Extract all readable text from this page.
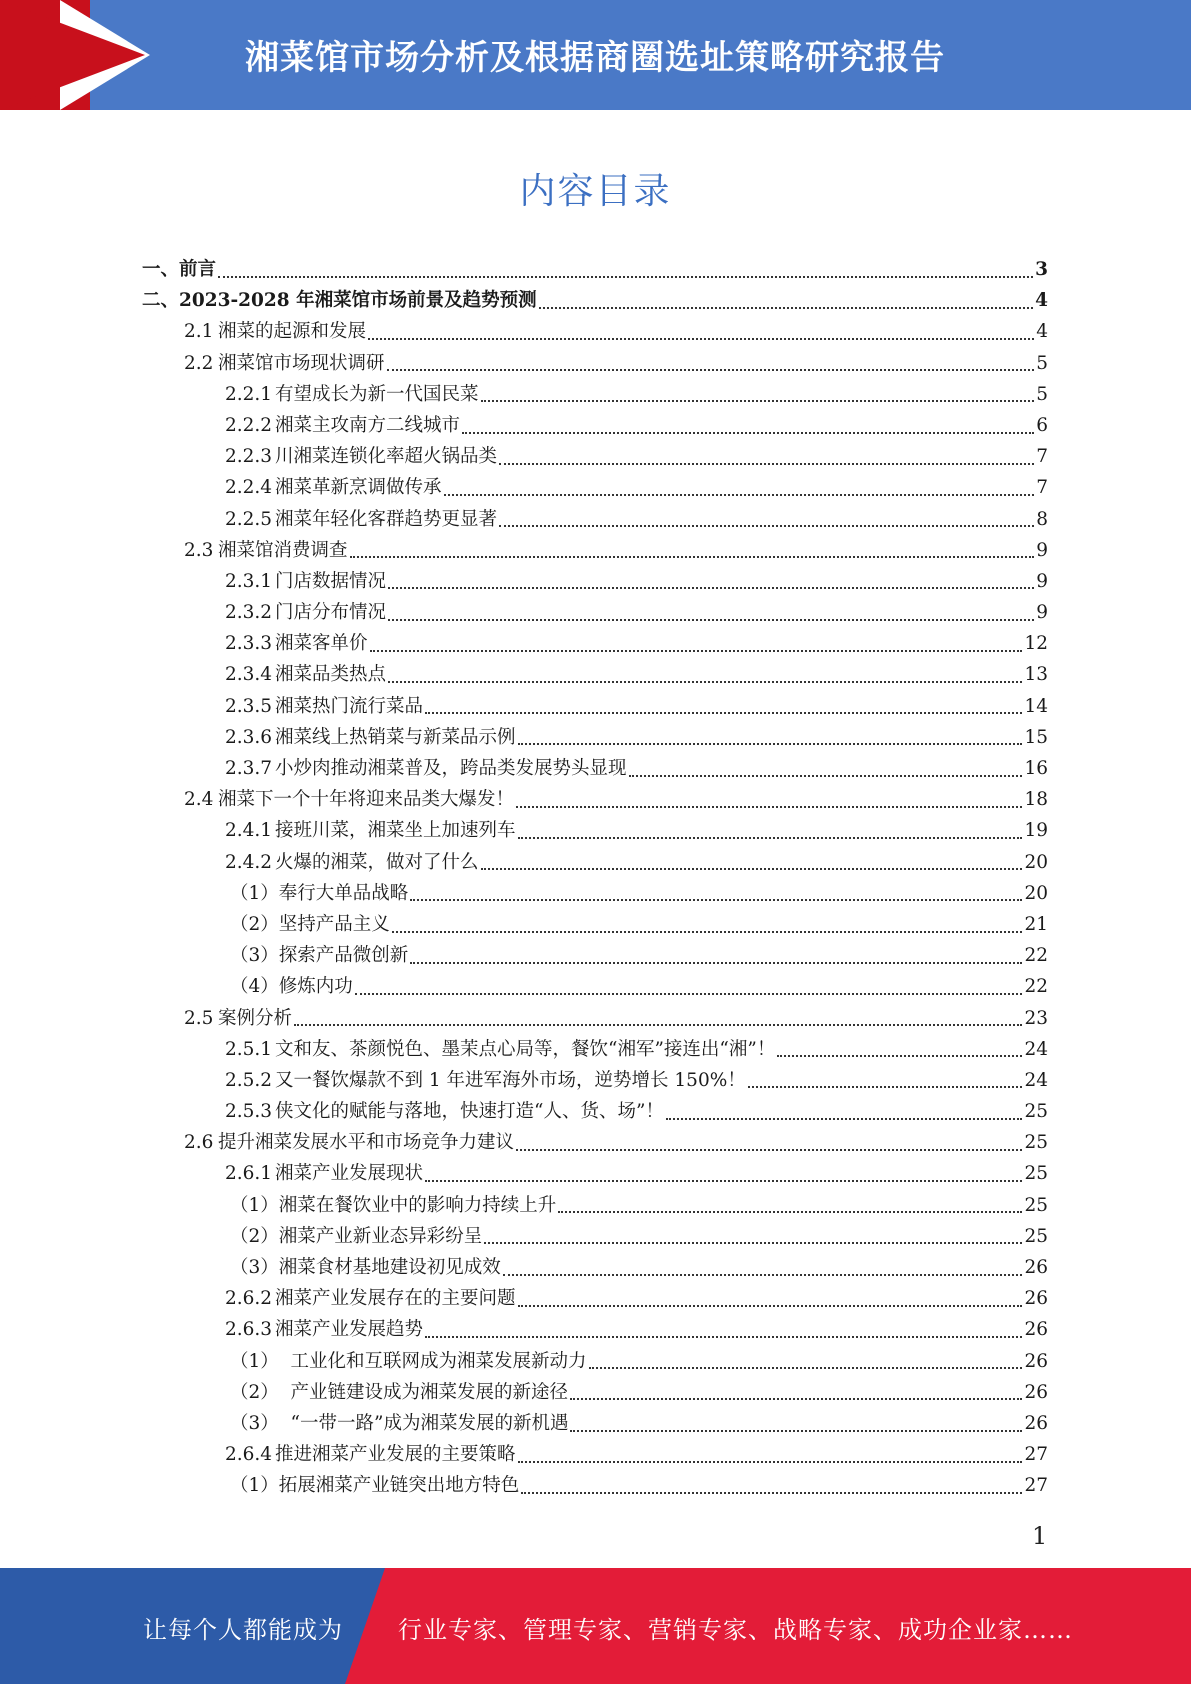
湘菜馆市场分析及根据商圈选址策略研究报告
内容目录
一、 前言	3
二、 2023-2028 年湘菜馆市场前景及趋势预测	4
2.1 湘菜的起源和发展	4
2.2 湘菜馆市场现状调研	5
2.2.1 有望成长为新一代国民菜	5
2.2.2 湘菜主攻南方二线城市	6
2.2.3 川湘菜连锁化率超火锅品类	7
2.2.4 湘菜革新烹调做传承	7
2.2.5 湘菜年轻化客群趋势更显著	8
2.3 湘菜馆消费调查	9
2.3.1 门店数据情况	9
2.3.2 门店分布情况	9
2.3.3 湘菜客单价	12
2.3.4 湘菜品类热点	13
2.3.5 湘菜热门流行菜品	14
2.3.6 湘菜线上热销菜与新菜品示例	15
2.3.7 小炒肉推动湘菜普及，跨品类发展势头显现	16
2.4 湘菜下一个十年将迎来品类大爆发！	18
2.4.1 接班川菜，湘菜坐上加速列车	19
2.4.2 火爆的湘菜，做对了什么	20
（1） 奉行大单品战略	20
（2） 坚持产品主义	21
（3） 探索产品微创新	22
（4） 修炼内功	22
2.5 案例分析	23
2.5.1 文和友、茶颜悦色、墨茉点心局等，餐饮“湘军”接连出“湘”！	24
2.5.2 又一餐饮爆款不到 1 年进军海外市场，逆势增长 150%！	24
2.5.3 侠文化的赋能与落地，快速打造“人、货、场”！	25
2.6 提升湘菜发展水平和市场竞争力建议	25
2.6.1 湘菜产业发展现状	25
（1） 湘菜在餐饮业中的影响力持续上升	25
（2） 湘菜产业新业态异彩纷呈	25
（3） 湘菜食材基地建设初见成效	26
2.6.2 湘菜产业发展存在的主要问题	26
2.6.3 湘菜产业发展趋势	26
（1） 工业化和互联网成为湘菜发展新动力	26
（2） 产业链建设成为湘菜发展的新途径	26
（3） “一带一路”成为湘菜发展的新机遇	26
2.6.4 推进湘菜产业发展的主要策略	27
（1） 拓展湘菜产业链突出地方特色	27
1
让每个人都能成为 行业专家、管理专家、营销专家、战略专家、成功企业家……
